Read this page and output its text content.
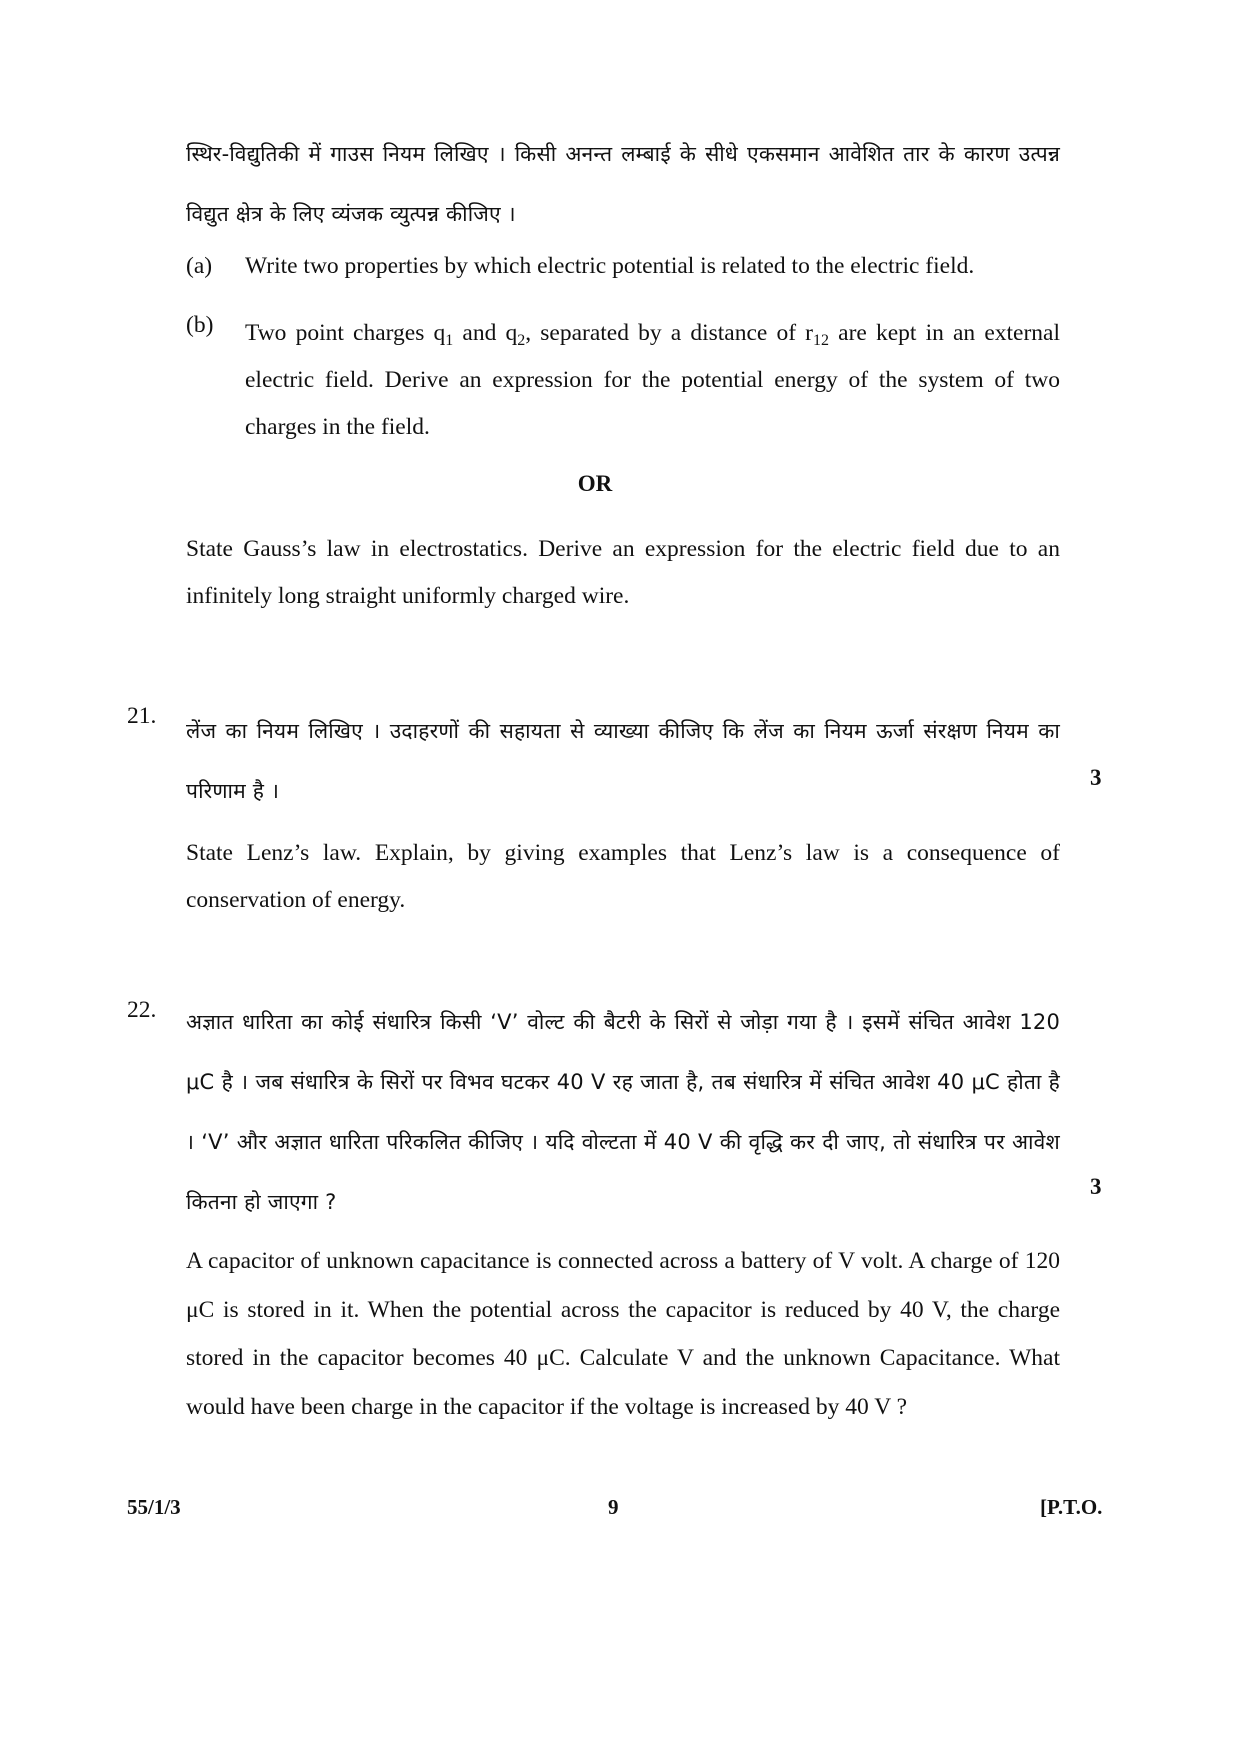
स्थिर-विद्युतिकी में गाउस नियम लिखिए । किसी अनन्त लम्बाई के सीधे एकसमान आवेशित तार के कारण उत्पन्न विद्युत क्षेत्र के लिए व्यंजक व्युत्पन्न कीजिए ।
(a) Write two properties by which electric potential is related to the electric field.
(b) Two point charges $q_1$ and $q_2$, separated by a distance of $r_{12}$ are kept in an external electric field. Derive an expression for the potential energy of the system of two charges in the field.
OR
State Gauss’s law in electrostatics. Derive an expression for the electric field due to an infinitely long straight uniformly charged wire.
21.
लेंज का नियम लिखिए । उदाहरणों की सहायता से व्याख्या कीजिए कि लेंज का नियम ऊर्जा संरक्षण नियम का परिणाम है ।
3
State Lenz’s law. Explain, by giving examples that Lenz’s law is a consequence of conservation of energy.
22. अज्ञात धारिता का कोई संधारित्र किसी ‘V’ वोल्ट की बैटरी के सिरों से जोड़ा गया है । इसमें संचित आवेश 120 μC है । जब संधारित्र के सिरों पर विभव घटकर 40 V रह जाता है, तब संधारित्र में संचित आवेश 40 μC होता है । ‘V’ और अज्ञात धारिता परिकलित कीजिए । यदि वोल्टता में 40 V की वृद्धि कर दी जाए, तो संधारित्र पर आवेश कितना हो जाएगा ?
3
A capacitor of unknown capacitance is connected across a battery of V volt. A charge of 120 μC is stored in it. When the potential across the capacitor is reduced by 40 V, the charge stored in the capacitor becomes 40 μC. Calculate V and the unknown Capacitance. What would have been charge in the capacitor if the voltage is increased by 40 V ?
55/1/3	9	[P.T.O.
